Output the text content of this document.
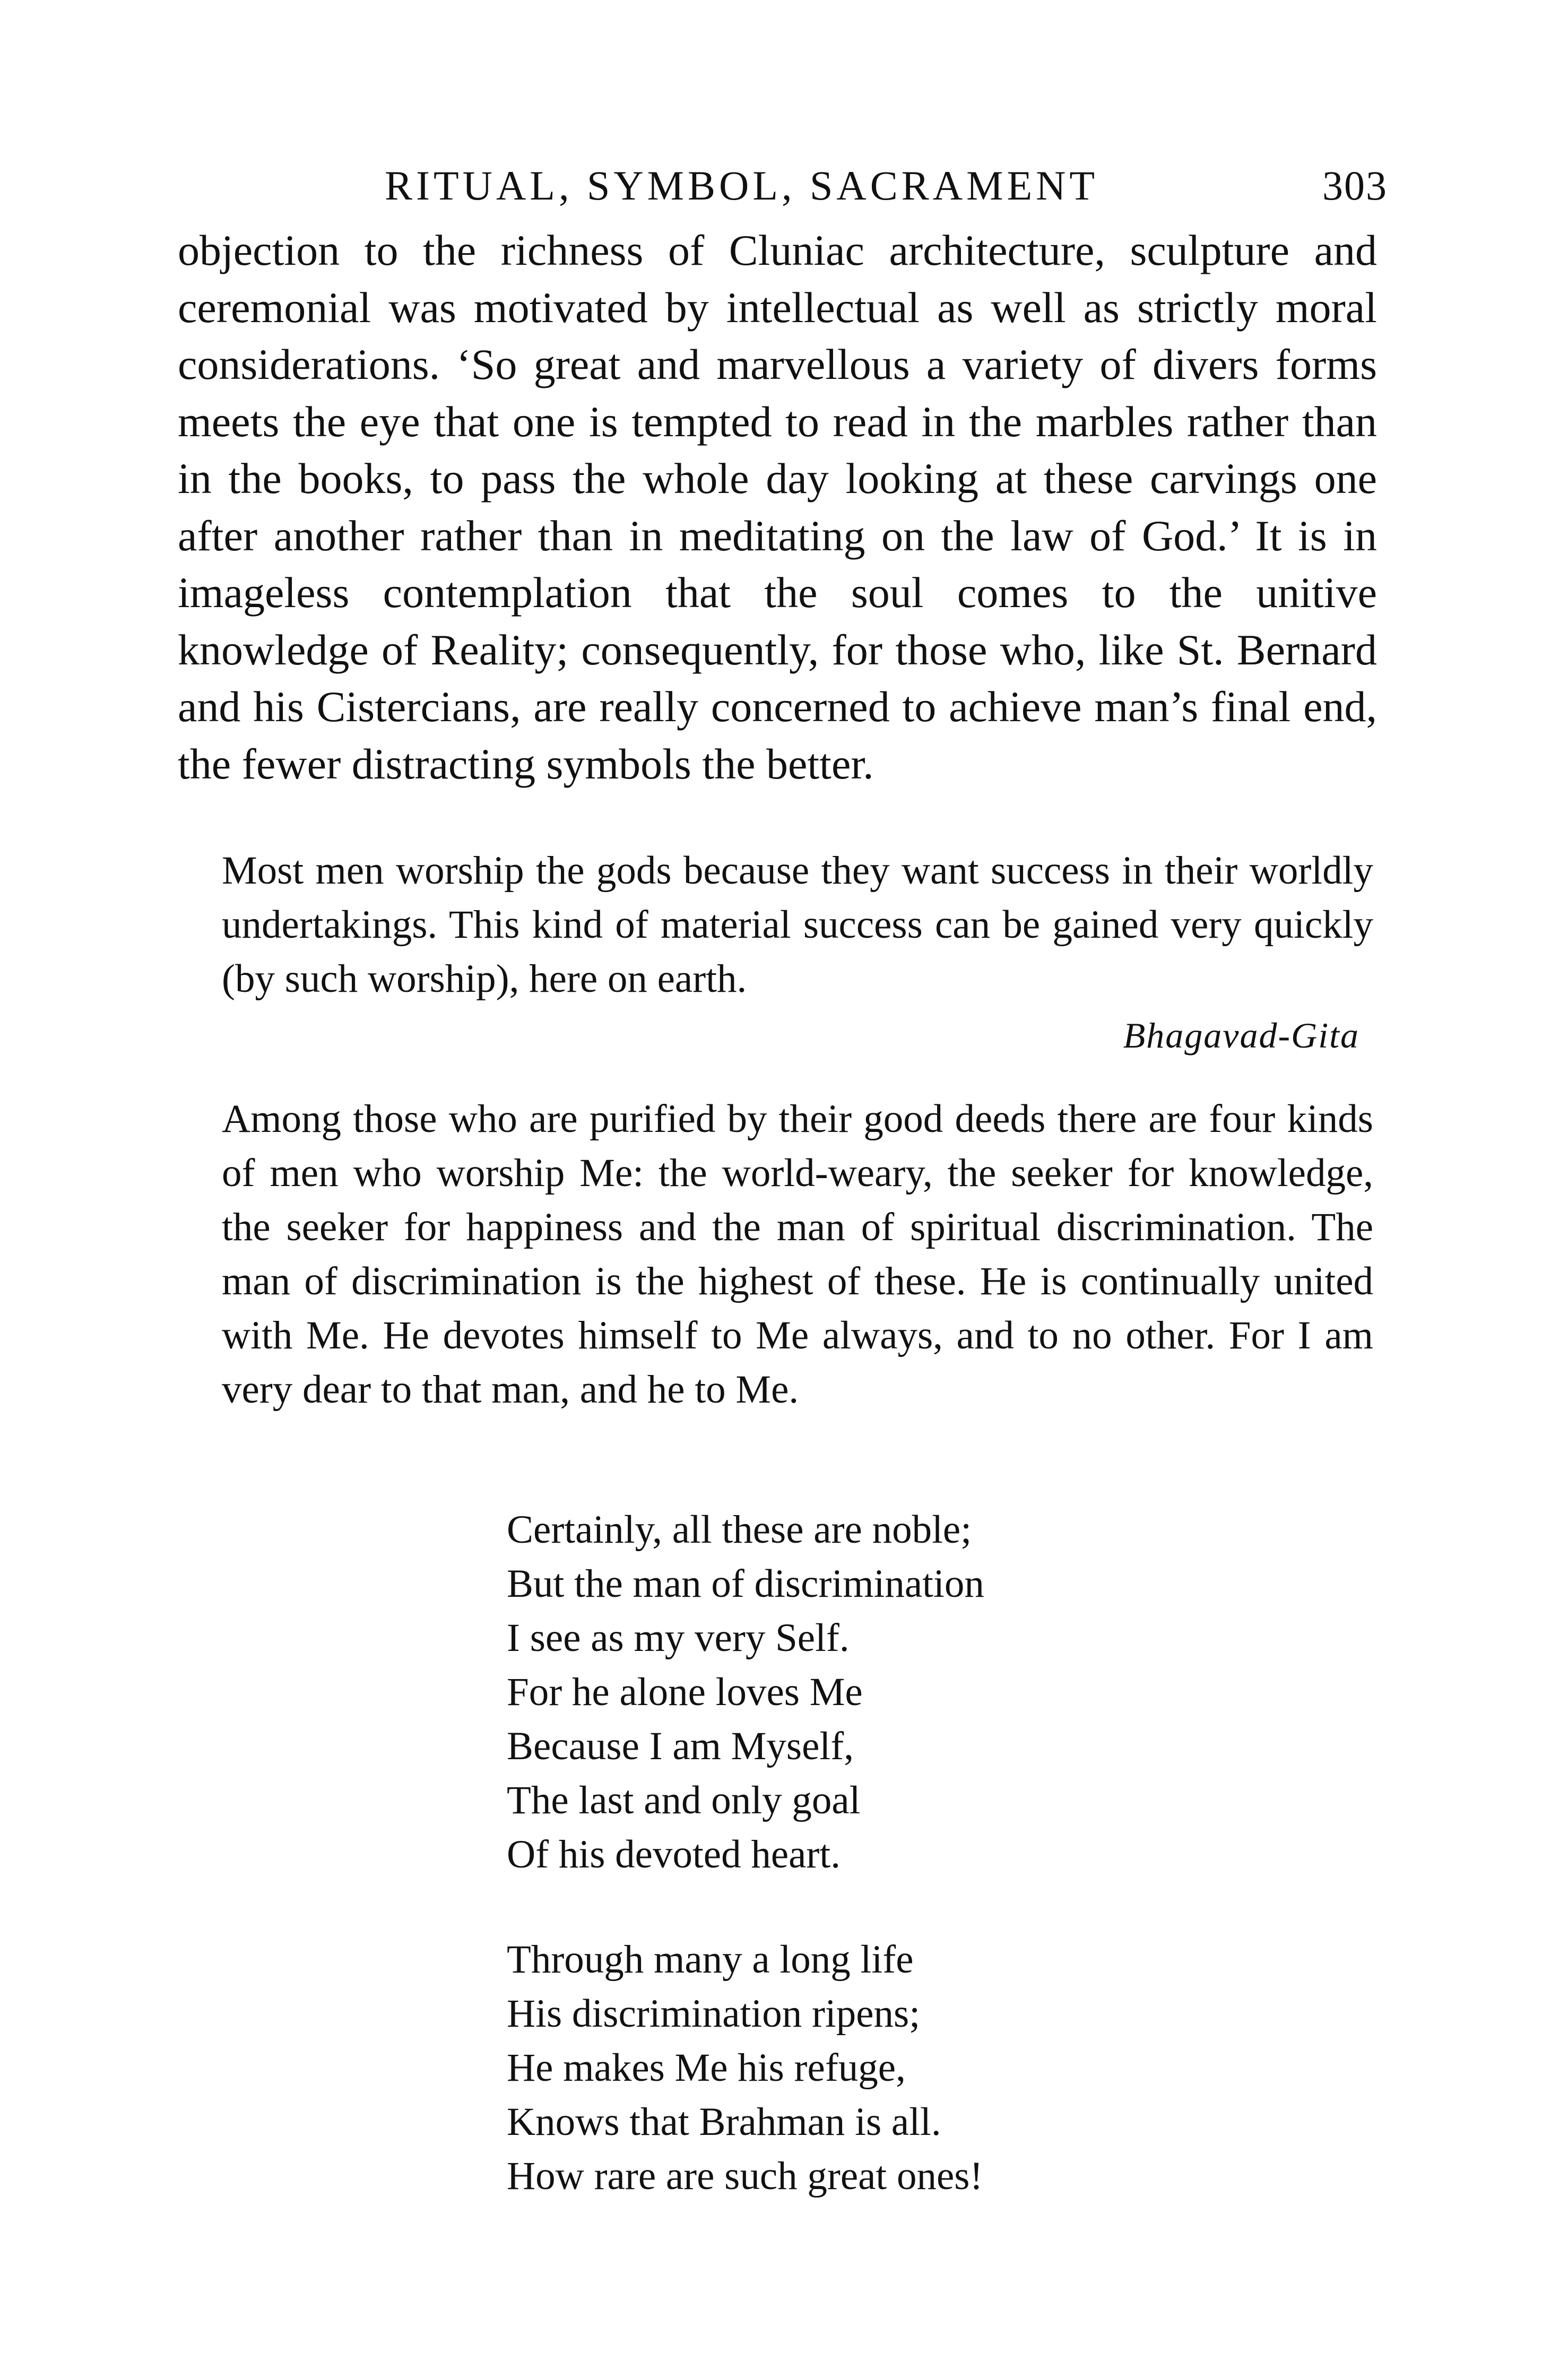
RITUAL, SYMBOL, SACRAMENT	303

objection to the richness of Cluniac architecture, sculpture and ceremonial was motivated by intellectual as well as strictly moral considerations. ‘So great and marvellous a variety of divers forms meets the eye that one is tempted to read in the marbles rather than in the books, to pass the whole day looking at these carvings one after another rather than in meditating on the law of God.’ It is in imageless contemplation that the soul comes to the unitive knowledge of Reality; consequently, for those who, like St. Bernard and his Cistercians, are really concerned to achieve man’s final end, the fewer distracting symbols the better.

Most men worship the gods because they want success in their worldly undertakings. This kind of material success can be gained very quickly (by such worship), here on earth.

Bhagavad-Gita

Among those who are purified by their good deeds there are four kinds of men who worship Me: the world-weary, the seeker for knowledge, the seeker for happiness and the man of spiritual discrimination. The man of discrimination is the highest of these. He is continually united with Me. He devotes himself to Me always, and to no other. For I am very dear to that man, and he to Me.

Certainly, all these are noble;
But the man of discrimination
I see as my very Self.
For he alone loves Me
Because I am Myself,
The last and only goal
Of his devoted heart.
Through many a long life
His discrimination ripens;
He makes Me his refuge,
Knows that Brahman is all.
How rare are such great ones!
